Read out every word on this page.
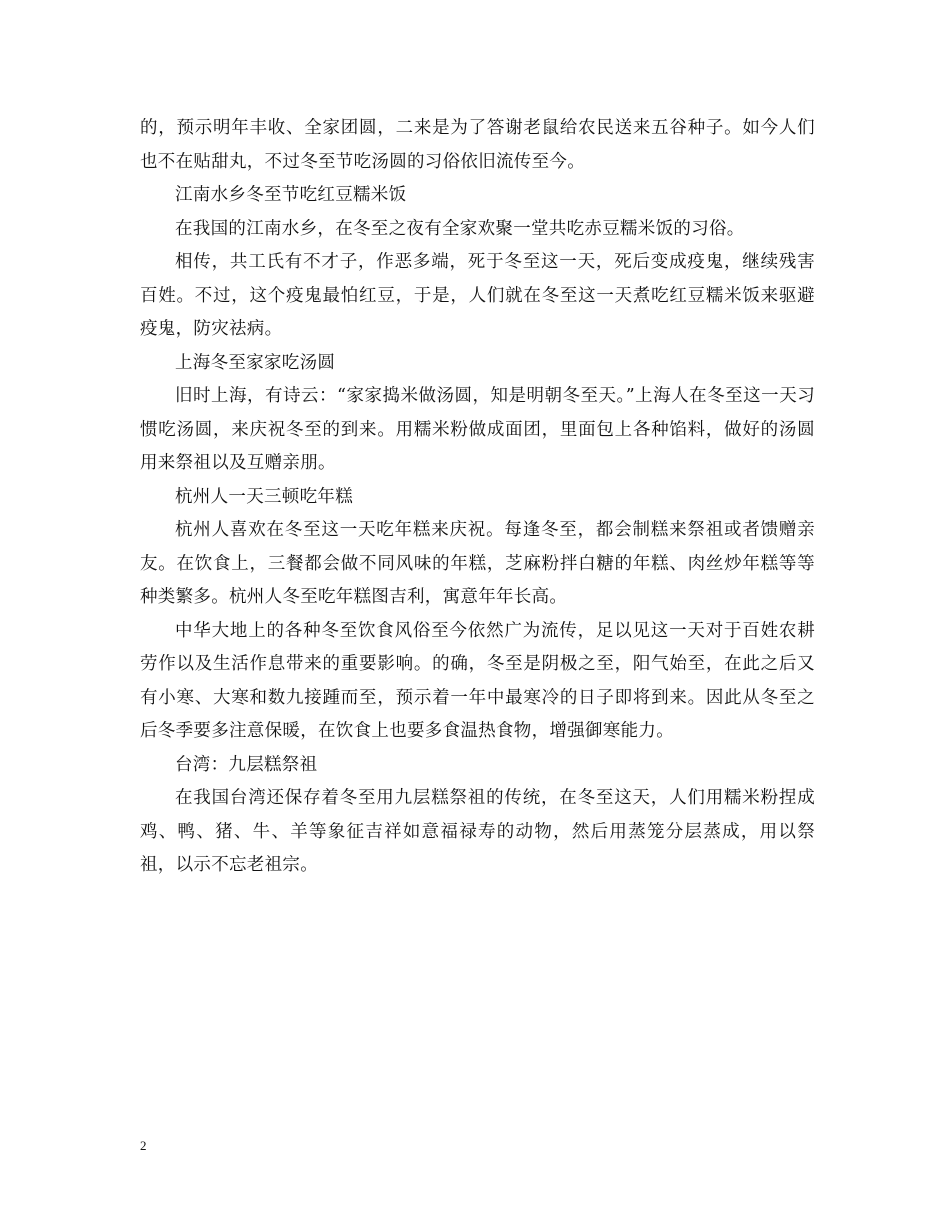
的，预示明年丰收、全家团圆，二来是为了答谢老鼠给农民送来五谷种子。如今人们也不在贴甜丸，不过冬至节吃汤圆的习俗依旧流传至今。

江南水乡冬至节吃红豆糯米饭

在我国的江南水乡，在冬至之夜有全家欢聚一堂共吃赤豆糯米饭的习俗。

相传，共工氏有不才子，作恶多端，死于冬至这一天，死后变成疫鬼，继续残害百姓。不过，这个疫鬼最怕红豆，于是，人们就在冬至这一天煮吃红豆糯米饭来驱避疫鬼，防灾祛病。

上海冬至家家吃汤圆

旧时上海，有诗云：“家家捣米做汤圆，知是明朝冬至天。”上海人在冬至这一天习惯吃汤圆，来庆祝冬至的到来。用糯米粉做成面团，里面包上各种馅料，做好的汤圆用来祭祖以及互赠亲朋。

杭州人一天三顿吃年糕

杭州人喜欢在冬至这一天吃年糕来庆祝。每逢冬至，都会制糕来祭祖或者馈赠亲友。在饮食上，三餐都会做不同风味的年糕，芝麻粉拌白糖的年糕、肉丝炒年糕等等种类繁多。杭州人冬至吃年糕图吉利，寓意年年长高。

中华大地上的各种冬至饮食风俗至今依然广为流传，足以见这一天对于百姓农耕劳作以及生活作息带来的重要影响。的确，冬至是阴极之至，阳气始至，在此之后又有小寒、大寒和数九接踵而至，预示着一年中最寒冷的日子即将到来。因此从冬至之后冬季要多注意保暖，在饮食上也要多食温热食物，增强御寒能力。

台湾：九层糕祭祖

在我国台湾还保存着冬至用九层糕祭祖的传统，在冬至这天，人们用糯米粉捏成鸡、鸭、猪、牛、羊等象征吉祥如意福禄寿的动物，然后用蒸笼分层蒸成，用以祭祖，以示不忘老祖宗。

2
